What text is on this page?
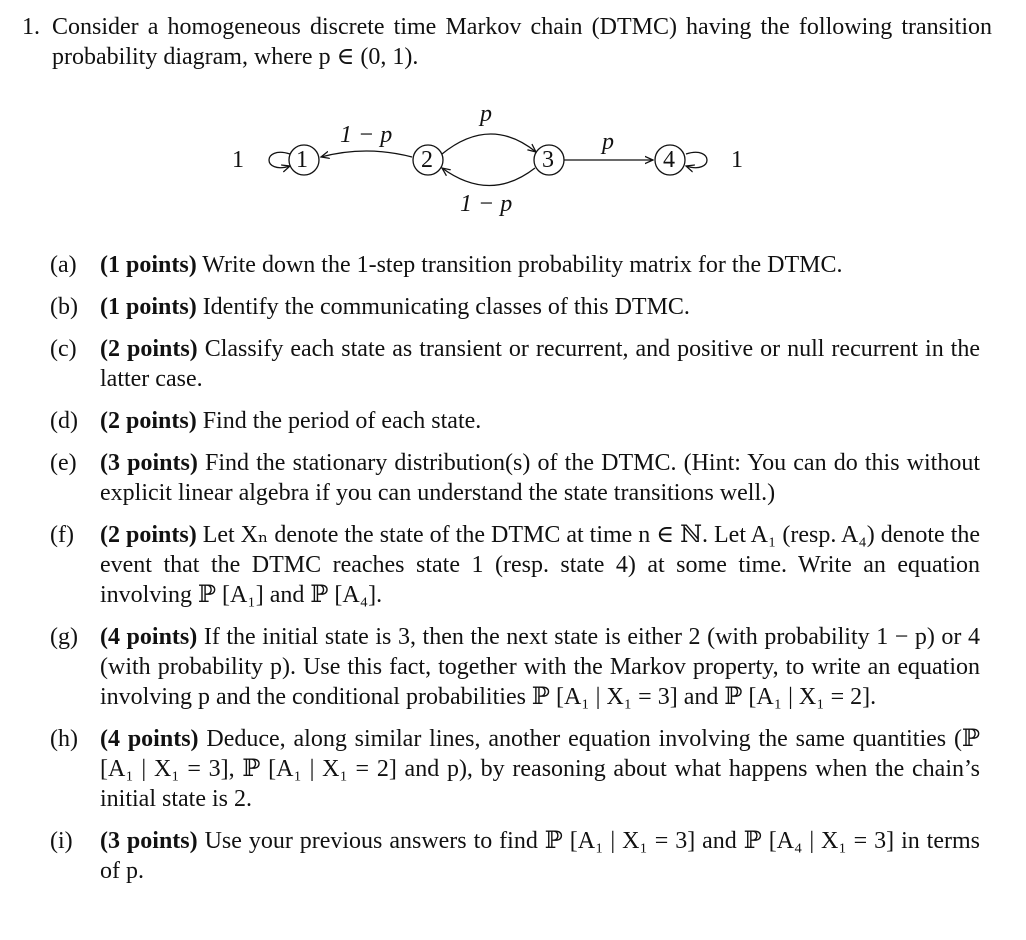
1. Consider a homogeneous discrete time Markov chain (DTMC) having the following transition probability diagram, where p ∈ (0, 1).
1	2	3	4
1	1
1 − p
p
1 − p
p
(a) (1 points) Write down the 1-step transition probability matrix for the DTMC.
(b) (1 points) Identify the communicating classes of this DTMC.
(c) (2 points) Classify each state as transient or recurrent, and positive or null recurrent in the latter case.
(d) (2 points) Find the period of each state.
(e) (3 points) Find the stationary distribution(s) of the DTMC. (Hint: You can do this without explicit linear algebra if you can understand the state transitions well.)
(f) (2 points) Let Xₙ denote the state of the DTMC at time n ∈ ℕ. Let A₁ (resp. A₄) denote the event that the DTMC reaches state 1 (resp. state 4) at some time. Write an equation involving ℙ [A₁] and ℙ [A₄].
(g) (4 points) If the initial state is 3, then the next state is either 2 (with probability 1 − p) or 4 (with probability p). Use this fact, together with the Markov property, to write an equation involving p and the conditional probabilities ℙ [A₁ | X₁ = 3] and ℙ [A₁ | X₁ = 2].
(h) (4 points) Deduce, along similar lines, another equation involving the same quantities (ℙ [A₁ | X₁ = 3], ℙ [A₁ | X₁ = 2] and p), by reasoning about what happens when the chain’s initial state is 2.
(i) (3 points) Use your previous answers to find ℙ [A₁ | X₁ = 3] and ℙ [A₄ | X₁ = 3] in terms of p.
